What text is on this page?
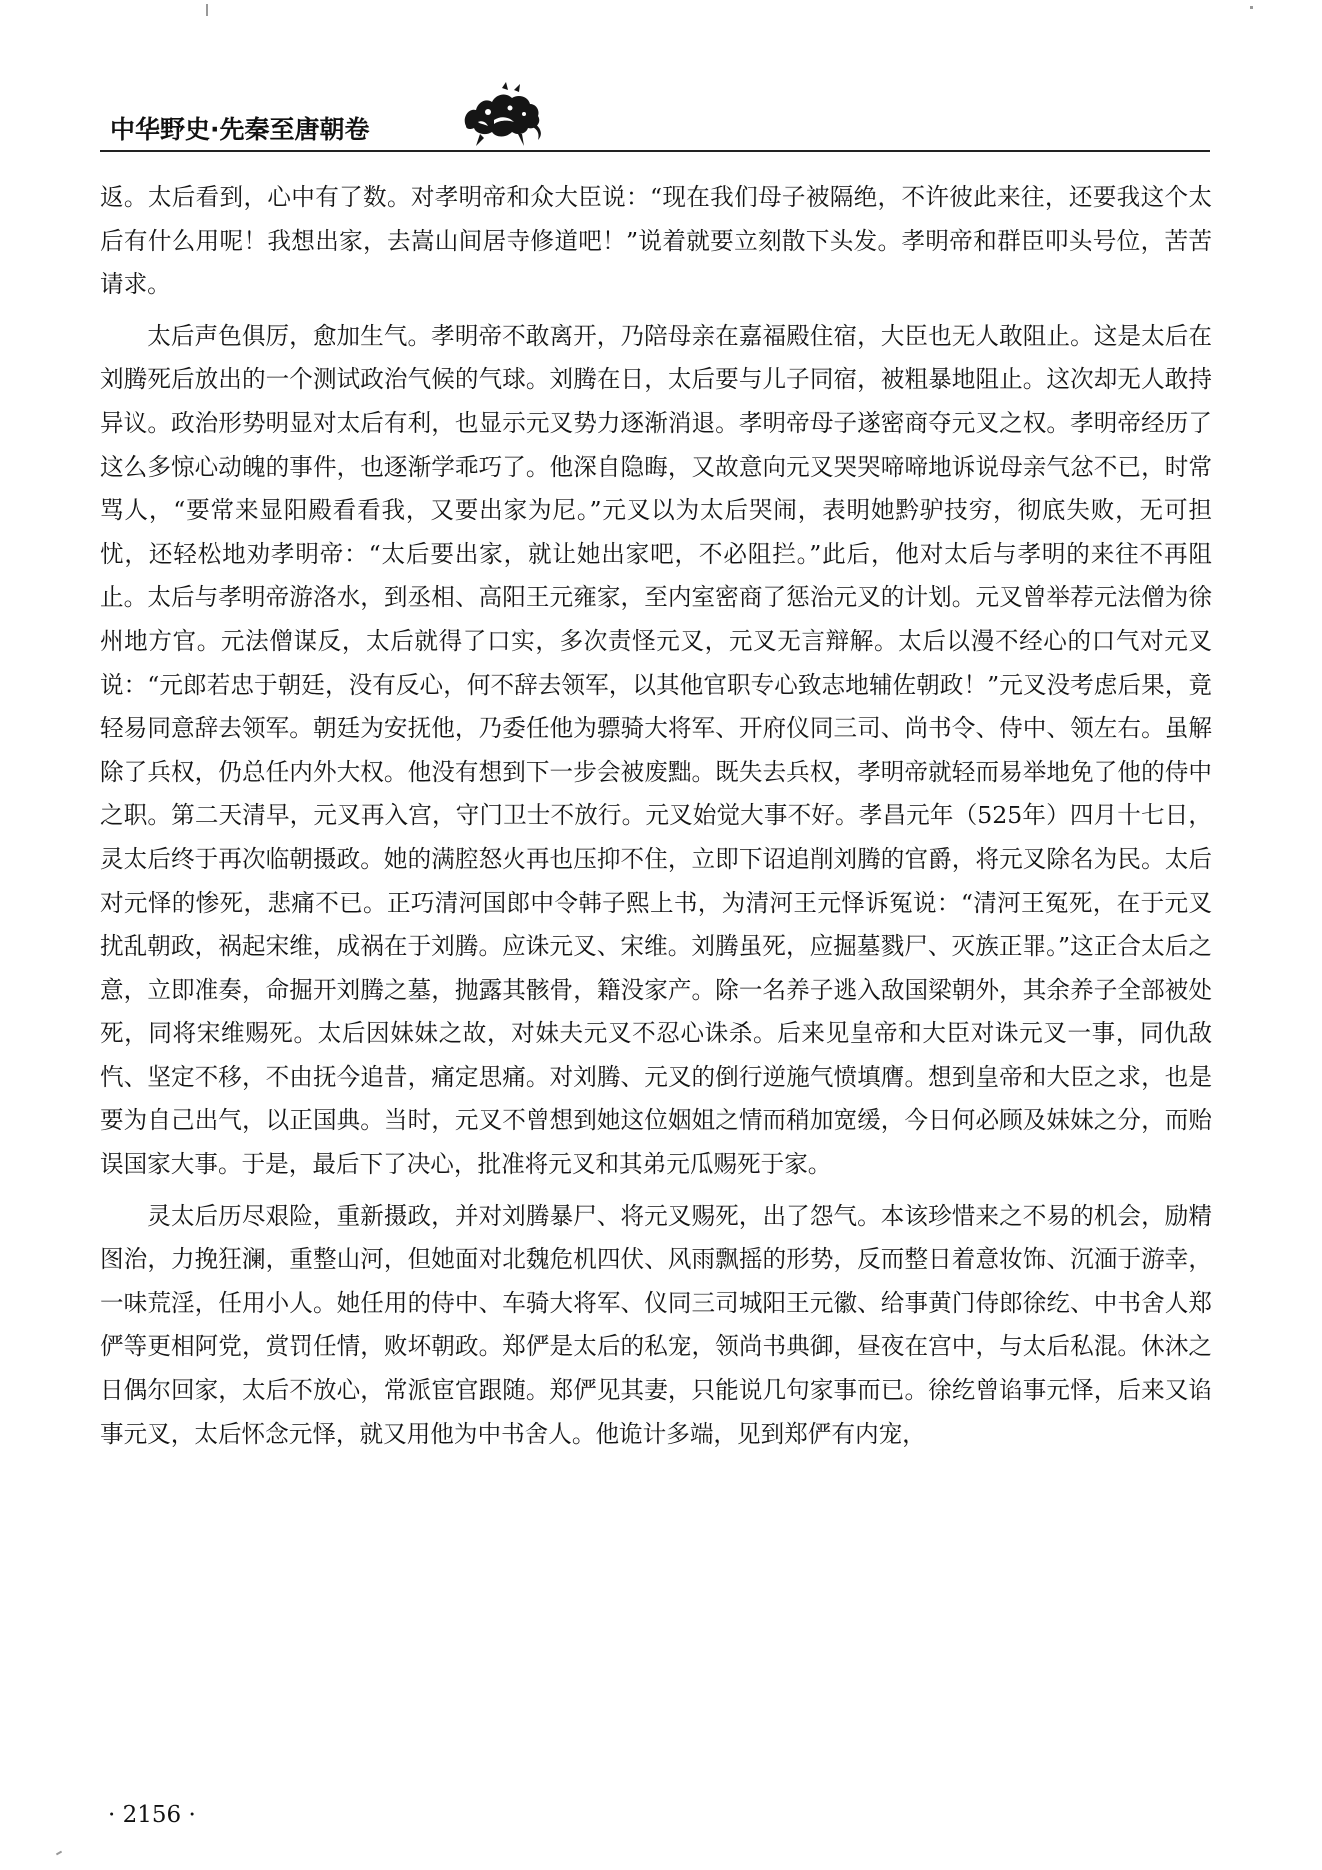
中华野史·先秦至唐朝卷

返。太后看到，心中有了数。对孝明帝和众大臣说：“现在我们母子被隔绝，不许彼此来往，还要我这个太后有什么用呢！我想出家，去嵩山间居寺修道吧！”说着就要立刻散下头发。孝明帝和群臣叩头号位，苦苦请求。

太后声色俱厉，愈加生气。孝明帝不敢离开，乃陪母亲在嘉福殿住宿，大臣也无人敢阻止。这是太后在刘腾死后放出的一个测试政治气候的气球。刘腾在日，太后要与儿子同宿，被粗暴地阻止。这次却无人敢持异议。政治形势明显对太后有利，也显示元叉势力逐渐消退。孝明帝母子遂密商夺元叉之权。孝明帝经历了这么多惊心动魄的事件，也逐渐学乖巧了。他深自隐晦，又故意向元叉哭哭啼啼地诉说母亲气忿不已，时常骂人，“要常来显阳殿看看我，又要出家为尼。”元叉以为太后哭闹，表明她黔驴技穷，彻底失败，无可担忧，还轻松地劝孝明帝：“太后要出家，就让她出家吧，不必阻拦。”此后，他对太后与孝明的来往不再阻止。太后与孝明帝游洛水，到丞相、高阳王元雍家，至内室密商了惩治元叉的计划。元叉曾举荐元法僧为徐州地方官。元法僧谋反，太后就得了口实，多次责怪元叉，元叉无言辩解。太后以漫不经心的口气对元叉说：“元郎若忠于朝廷，没有反心，何不辞去领军，以其他官职专心致志地辅佐朝政！”元叉没考虑后果，竟轻易同意辞去领军。朝廷为安抚他，乃委任他为骠骑大将军、开府仪同三司、尚书令、侍中、领左右。虽解除了兵权，仍总任内外大权。他没有想到下一步会被废黜。既失去兵权，孝明帝就轻而易举地免了他的侍中之职。第二天清早，元叉再入宫，守门卫士不放行。元叉始觉大事不好。孝昌元年（525年）四月十七日，灵太后终于再次临朝摄政。她的满腔怒火再也压抑不住，立即下诏追削刘腾的官爵，将元叉除名为民。太后对元怿的惨死，悲痛不已。正巧清河国郎中令韩子熙上书，为清河王元怿诉冤说：“清河王冤死，在于元叉扰乱朝政，祸起宋维，成祸在于刘腾。应诛元叉、宋维。刘腾虽死，应掘墓戮尸、灭族正罪。”这正合太后之意，立即准奏，命掘开刘腾之墓，抛露其骸骨，籍没家产。除一名养子逃入敌国梁朝外，其余养子全部被处死，同将宋维赐死。太后因妹妹之故，对妹夫元叉不忍心诛杀。后来见皇帝和大臣对诛元叉一事，同仇敌忾、坚定不移，不由抚今追昔，痛定思痛。对刘腾、元叉的倒行逆施气愤填膺。想到皇帝和大臣之求，也是要为自己出气，以正国典。当时，元叉不曾想到她这位姻姐之情而稍加宽缓，今日何必顾及妹妹之分，而贻误国家大事。于是，最后下了决心，批准将元叉和其弟元瓜赐死于家。

灵太后历尽艰险，重新摄政，并对刘腾暴尸、将元叉赐死，出了怨气。本该珍惜来之不易的机会，励精图治，力挽狂澜，重整山河，但她面对北魏危机四伏、风雨飘摇的形势，反而整日着意妆饰、沉湎于游幸，一味荒淫，任用小人。她任用的侍中、车骑大将军、仪同三司城阳王元徽、给事黄门侍郎徐纥、中书舍人郑俨等更相阿党，赏罚任情，败坏朝政。郑俨是太后的私宠，领尚书典御，昼夜在宫中，与太后私混。休沐之日偶尔回家，太后不放心，常派宦官跟随。郑俨见其妻，只能说几句家事而已。徐纥曾谄事元怿，后来又谄事元叉，太后怀念元怿，就又用他为中书舍人。他诡计多端，见到郑俨有内宠，

· 2156 ·
